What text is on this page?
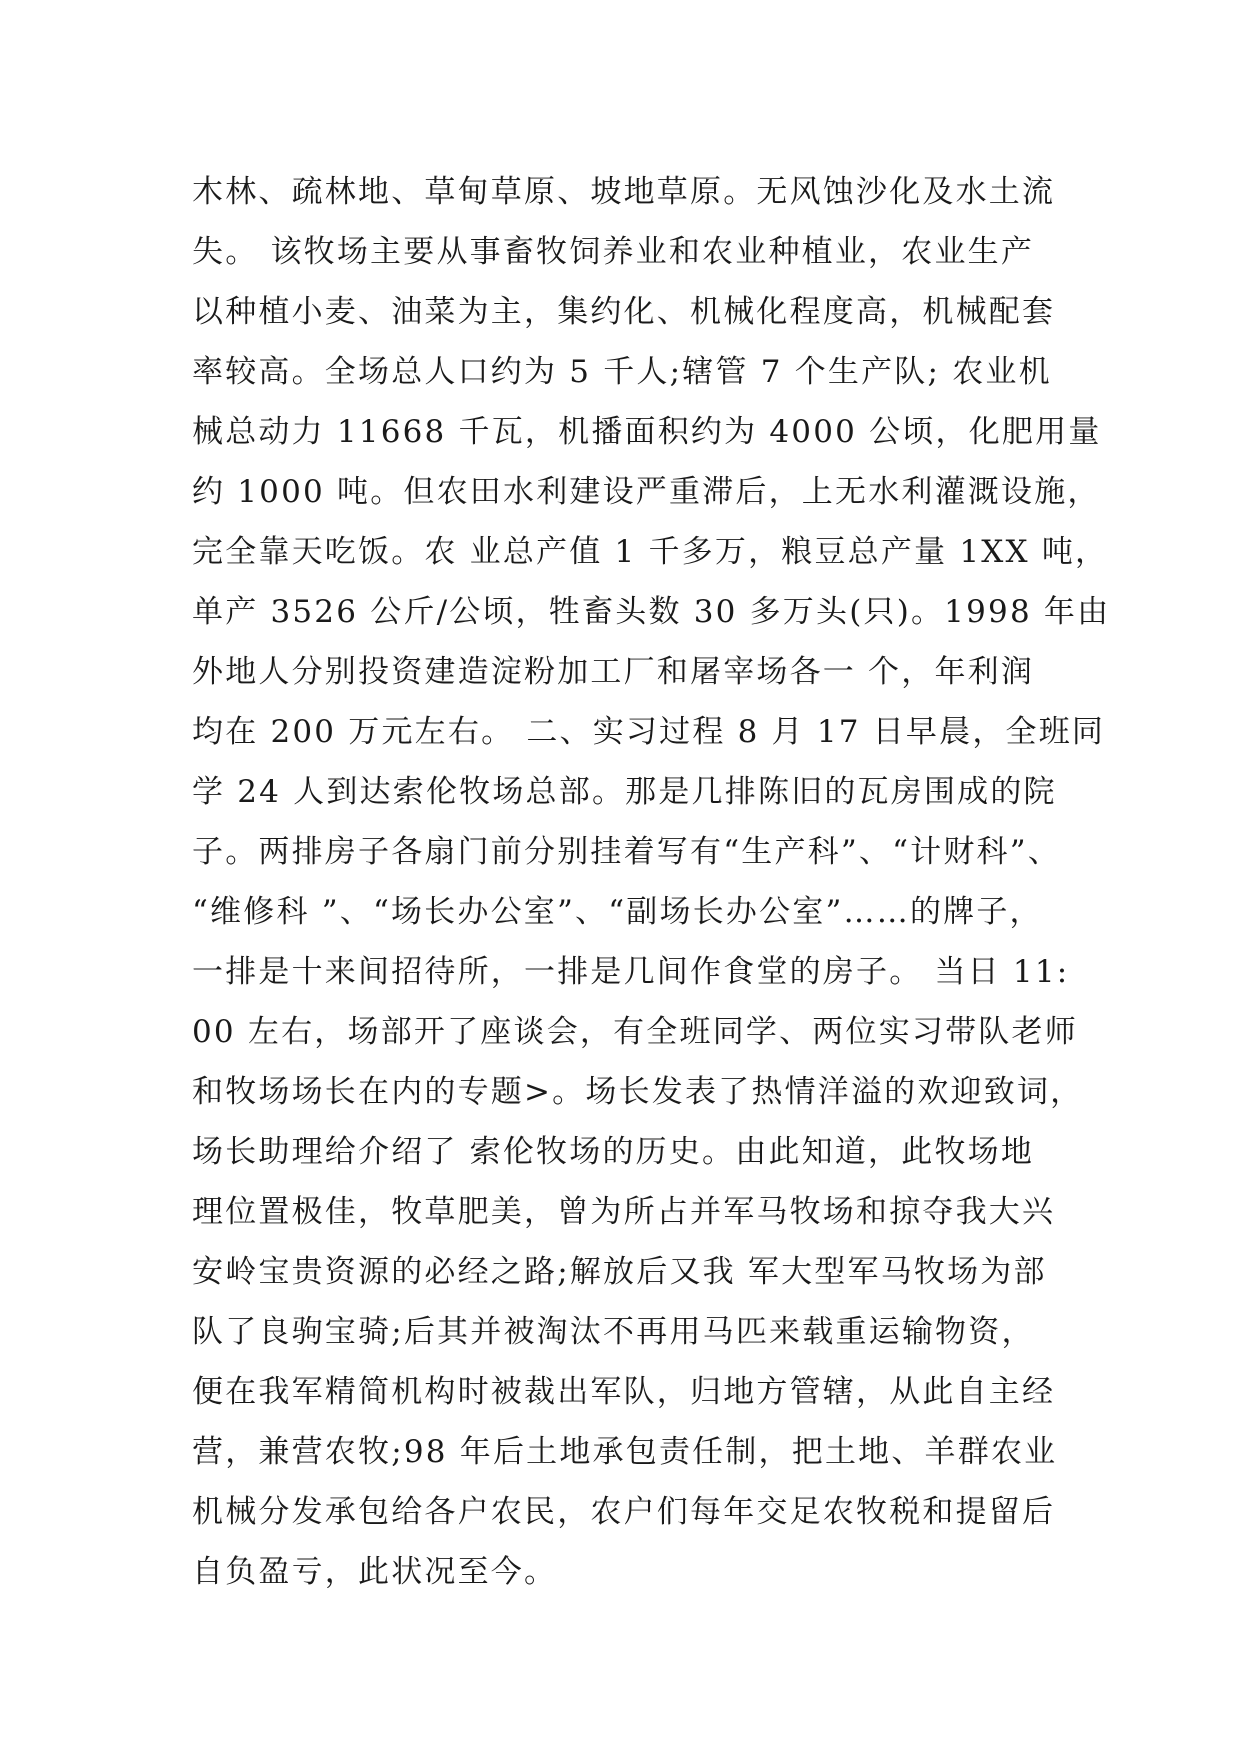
木林、疏林地、草甸草原、坡地草原。无风蚀沙化及水土流
失。 该牧场主要从事畜牧饲养业和农业种植业，农业生产
以种植小麦、油菜为主，集约化、机械化程度高，机械配套
率较高。全场总人口约为 5 千人;辖管 7 个生产队; 农业机
械总动力 11668 千瓦，机播面积约为 4000 公顷，化肥用量
约 1000 吨。但农田水利建设严重滞后，上无水利灌溉设施，
完全靠天吃饭。农 业总产值 1 千多万，粮豆总产量 1XX 吨，
单产 3526 公斤/公顷，牲畜头数 30 多万头(只)。1998 年由
外地人分别投资建造淀粉加工厂和屠宰场各一 个，年利润
均在 200 万元左右。 二、实习过程 8 月 17 日早晨，全班同
学 24 人到达索伦牧场总部。那是几排陈旧的瓦房围成的院
子。两排房子各扇门前分别挂着写有“生产科”、“计财科”、
“维修科 ”、“场长办公室”、“副场长办公室”……的牌子，
一排是十来间招待所，一排是几间作食堂的房子。 当日 11:
00 左右，场部开了座谈会，有全班同学、两位实习带队老师
和牧场场长在内的专题>。场长发表了热情洋溢的欢迎致词，
场长助理给介绍了 索伦牧场的历史。由此知道，此牧场地
理位置极佳，牧草肥美，曾为所占并军马牧场和掠夺我大兴
安岭宝贵资源的必经之路;解放后又我 军大型军马牧场为部
队了良驹宝骑;后其并被淘汰不再用马匹来载重运输物资，
便在我军精简机构时被裁出军队，归地方管辖，从此自主经
营，兼营农牧;98 年后土地承包责任制，把土地、羊群农业
机械分发承包给各户农民，农户们每年交足农牧税和提留后
自负盈亏，此状况至今。
